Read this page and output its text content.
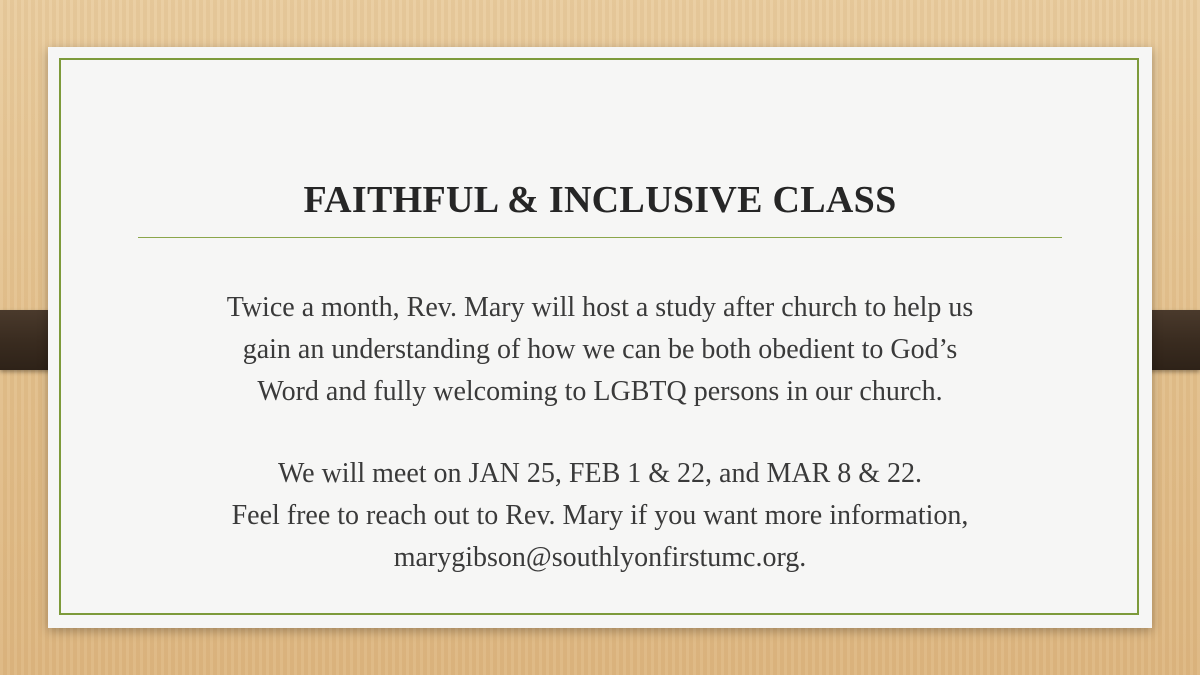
FAITHFUL & INCLUSIVE CLASS

Twice a month, Rev. Mary will host a study after church to help us
gain an understanding of how we can be both obedient to God’s
Word and fully welcoming to LGBTQ persons in our church.

We will meet on JAN 25, FEB 1 & 22, and MAR 8 & 22.
Feel free to reach out to Rev. Mary if you want more information,
marygibson@southlyonfirstumc.org.
